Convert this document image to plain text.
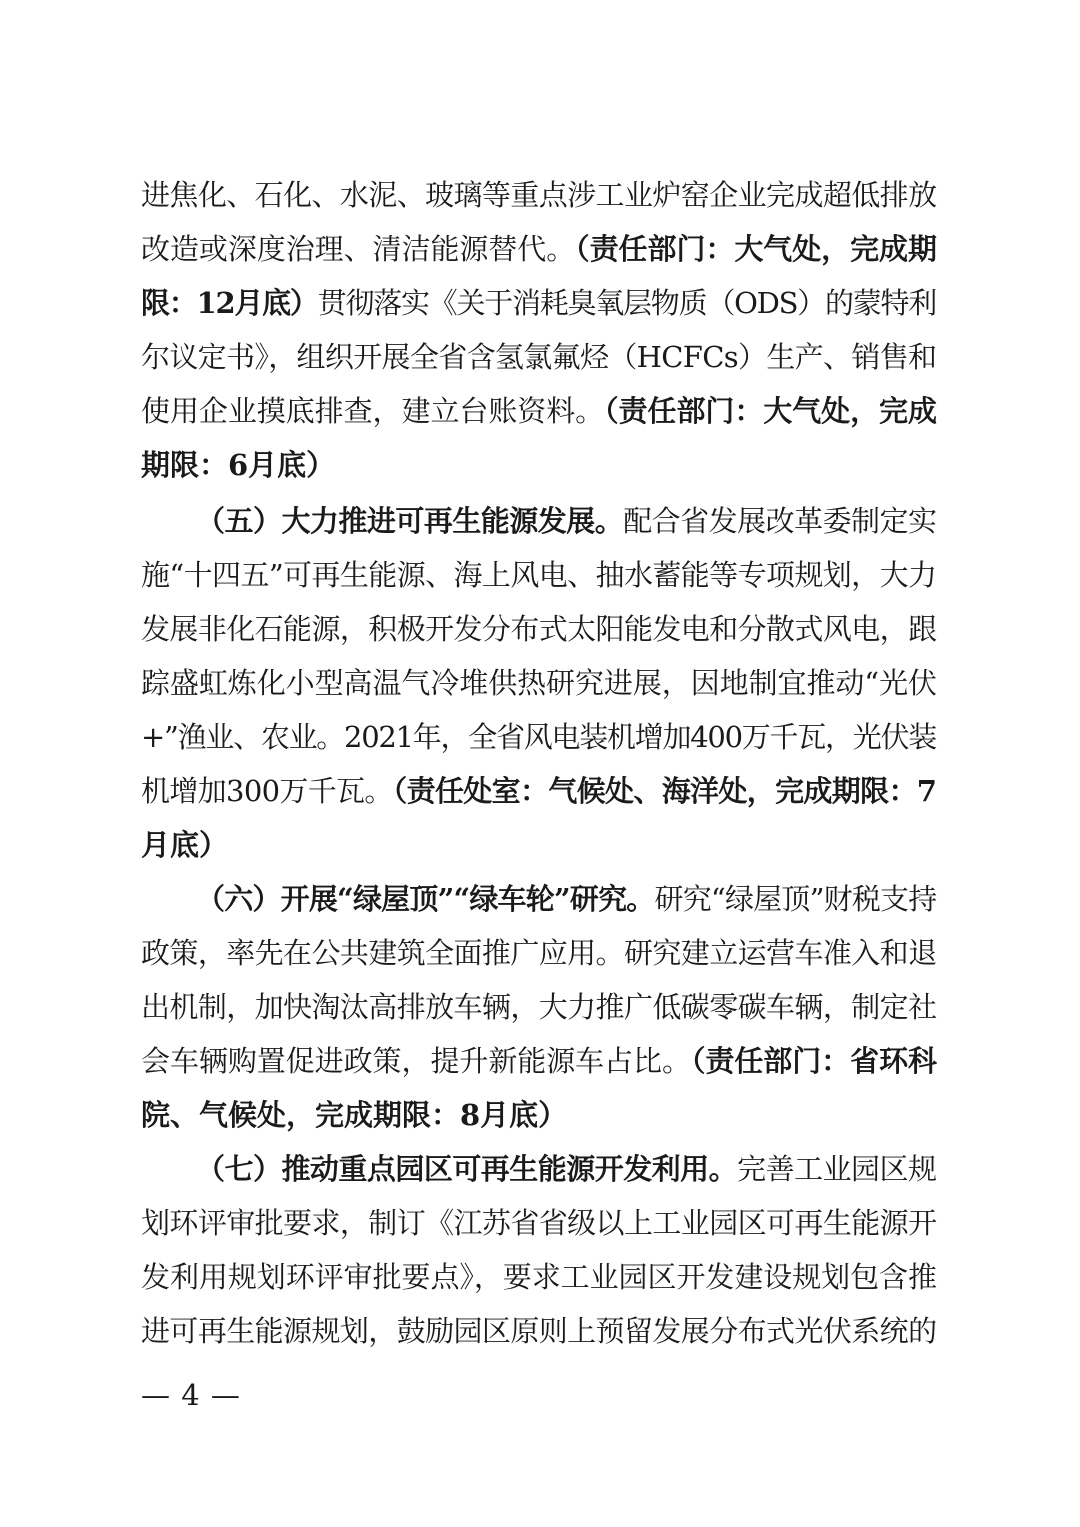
进焦化、石化、水泥、玻璃等重点涉工业炉窑企业完成超低排放
改造或深度治理、清洁能源替代。（责任部门：大气处，完成期
限：12月底）贯彻落实《关于消耗臭氧层物质（ODS）的蒙特利
尔议定书》，组织开展全省含氢氯氟烃（HCFCs）生产、销售和
使用企业摸底排查，建立台账资料。（责任部门：大气处，完成
期限：6月底）
（五）大力推进可再生能源发展。配合省发展改革委制定实
施“十四五”可再生能源、海上风电、抽水蓄能等专项规划，大力
发展非化石能源，积极开发分布式太阳能发电和分散式风电，跟
踪盛虹炼化小型高温气冷堆供热研究进展，因地制宜推动“光伏
+”渔业、农业。2021年，全省风电装机增加400万千瓦，光伏装
机增加300万千瓦。（责任处室：气候处、海洋处，完成期限：7
月底）
（六）开展“绿屋顶”“绿车轮”研究。研究“绿屋顶”财税支持
政策，率先在公共建筑全面推广应用。研究建立运营车准入和退
出机制，加快淘汰高排放车辆，大力推广低碳零碳车辆，制定社
会车辆购置促进政策，提升新能源车占比。（责任部门：省环科
院、气候处，完成期限：8月底）
（七）推动重点园区可再生能源开发利用。完善工业园区规
划环评审批要求，制订《江苏省省级以上工业园区可再生能源开
发利用规划环评审批要点》，要求工业园区开发建设规划包含推
进可再生能源规划，鼓励园区原则上预留发展分布式光伏系统的
— 4 —
